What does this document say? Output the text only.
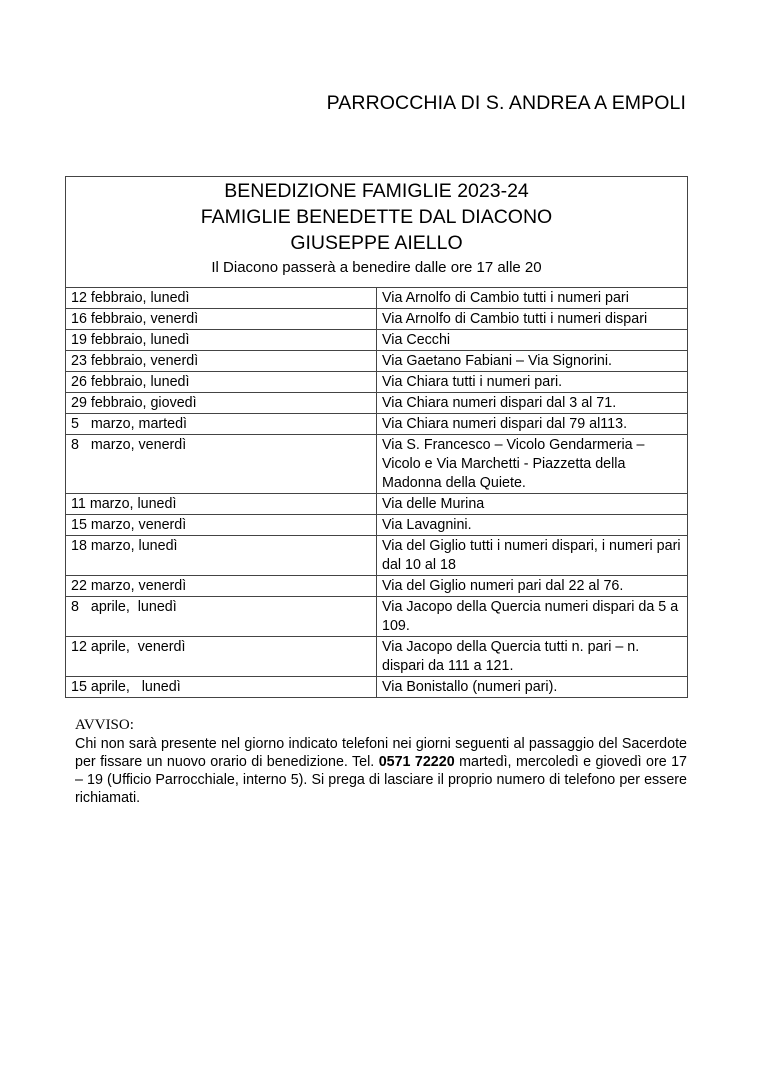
PARROCCHIA DI S. ANDREA A EMPOLI
BENEDIZIONE FAMIGLIE 2023-24
FAMIGLIE BENEDETTE DAL DIACONO
GIUSEPPE AIELLO
Il Diacono passerà a benedire dalle ore 17 alle 20	

12 febbraio, lunedì	Via Arnolfo di Cambio tutti i numeri pari
16 febbraio, venerdì	Via Arnolfo di Cambio tutti i numeri dispari
19 febbraio, lunedì	Via Cecchi
23 febbraio, venerdì	Via Gaetano Fabiani – Via Signorini.
26 febbraio, lunedì	Via Chiara tutti i numeri pari.
29 febbraio, giovedì	Via Chiara numeri dispari dal 3 al 71.
5   marzo, martedì	Via Chiara numeri dispari dal 79 al113.
8   marzo, venerdì	Via S. Francesco – Vicolo Gendarmeria – Vicolo e Via Marchetti - Piazzetta della Madonna della Quiete.
11 marzo, lunedì	Via delle Murina
15 marzo, venerdì	Via Lavagnini.
18 marzo, lunedì	Via del Giglio tutti i numeri dispari, i numeri pari dal 10 al 18
22 marzo, venerdì	Via del Giglio numeri pari dal 22 al 76.
8   aprile,  lunedì	Via Jacopo della Quercia numeri dispari da 5 a 109.
12 aprile,  venerdì	Via Jacopo della Quercia tutti n. pari – n. dispari da 111 a 121.
15 aprile,   lunedì	Via Bonistallo (numeri pari).
AVVISO:
Chi non sarà presente nel giorno indicato telefoni nei giorni seguenti al passaggio del Sacerdote per fissare un nuovo orario di benedizione. Tel. 0571 72220 martedì, mercoledì e giovedì ore 17 – 19 (Ufficio Parrocchiale, interno 5). Si prega di lasciare il proprio numero di telefono per essere richiamati.
